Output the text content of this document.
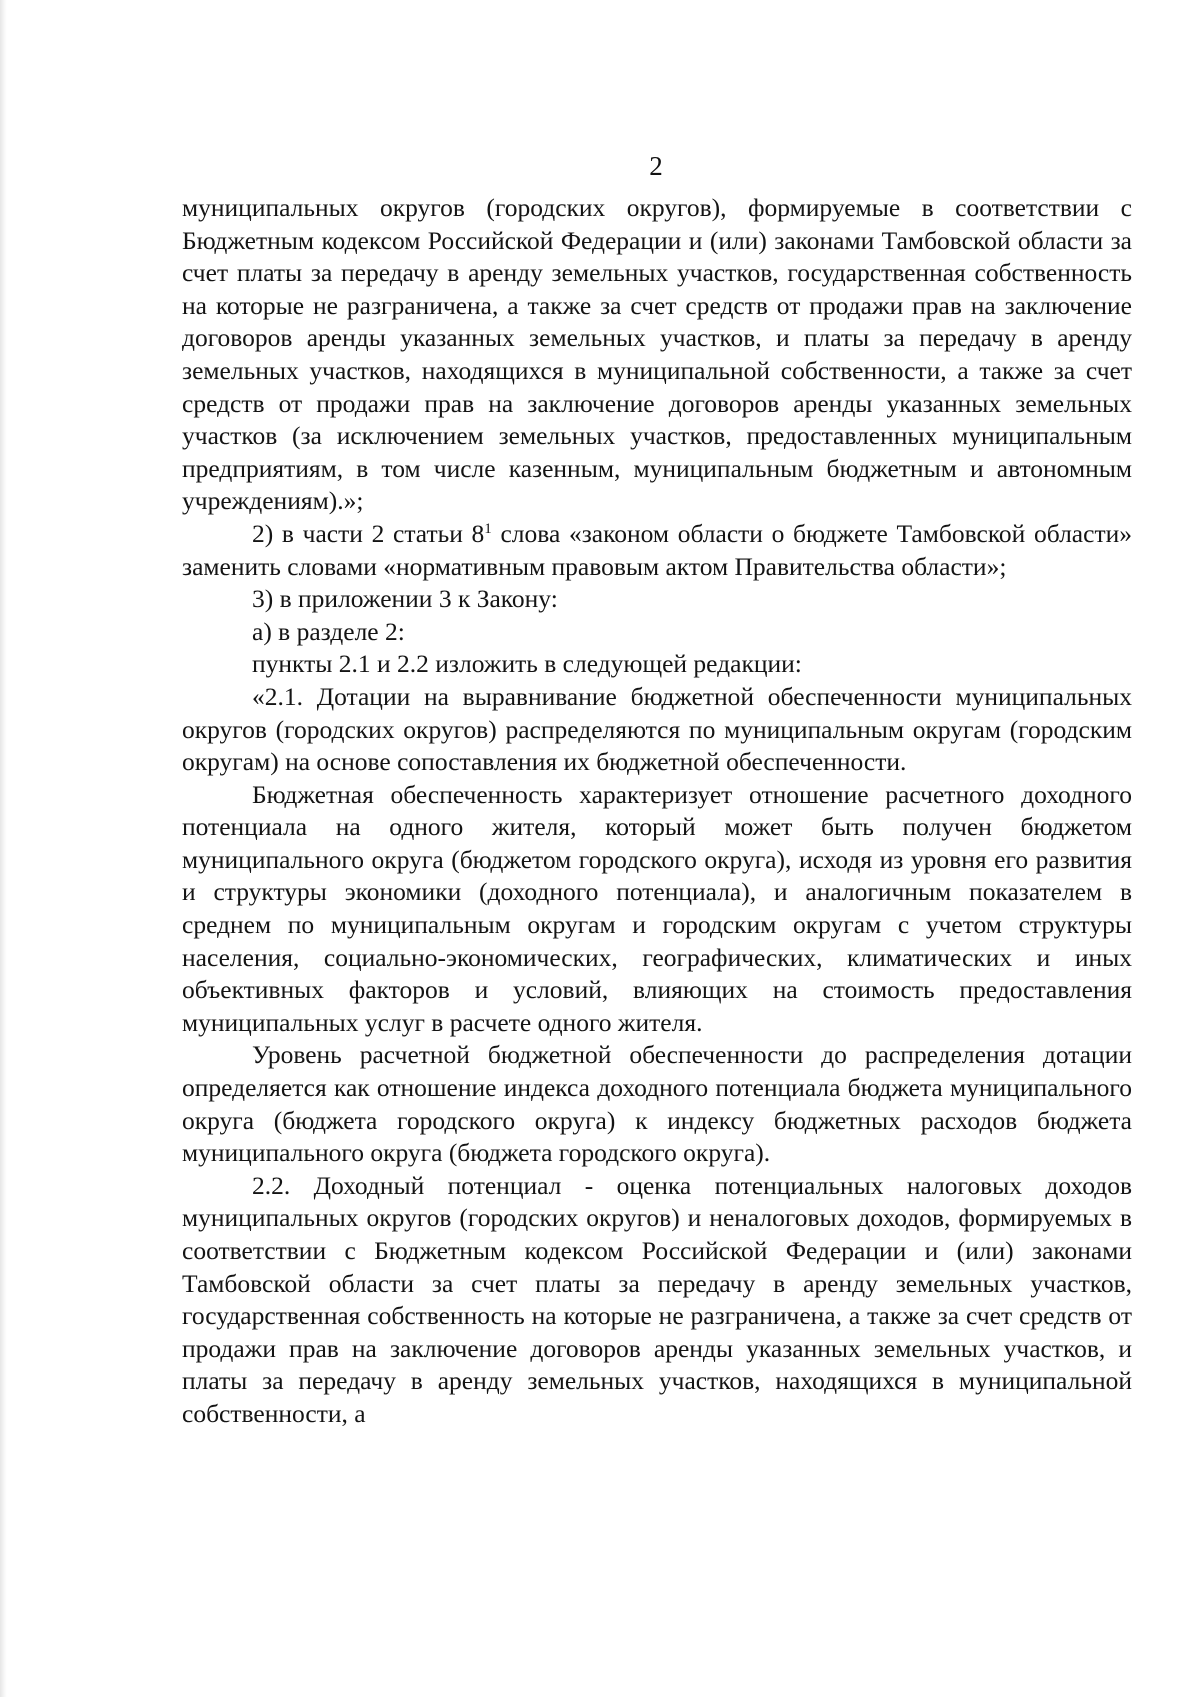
2

муниципальных округов (городских округов), формируемые в соответствии с Бюджетным кодексом Российской Федерации и (или) законами Тамбовской области за счет платы за передачу в аренду земельных участков, государственная собственность на которые не разграничена, а также за счет средств от продажи прав на заключение договоров аренды указанных земельных участков, и платы за передачу в аренду земельных участков, находящихся в муниципальной собственности, а также за счет средств от продажи прав на заключение договоров аренды указанных земельных участков (за исключением земельных участков, предоставленных муниципальным предприятиям, в том числе казенным, муниципальным бюджетным и автономным учреждениям).»;

2) в части 2 статьи $8^1$ слова «законом области о бюджете Тамбовской области» заменить словами «нормативным правовым актом Правительства области»;

3) в приложении 3 к Закону:

а) в разделе 2:

пункты 2.1 и 2.2 изложить в следующей редакции:

«2.1. Дотации на выравнивание бюджетной обеспеченности муниципальных округов (городских округов) распределяются по муниципальным округам (городским округам) на основе сопоставления их бюджетной обеспеченности.

Бюджетная обеспеченность характеризует отношение расчетного доходного потенциала на одного жителя, который может быть получен бюджетом муниципального округа (бюджетом городского округа), исходя из уровня его развития и структуры экономики (доходного потенциала), и аналогичным показателем в среднем по муниципальным округам и городским округам с учетом структуры населения, социально-экономических, географических, климатических и иных объективных факторов и условий, влияющих на стоимость предоставления муниципальных услуг в расчете одного жителя.

Уровень расчетной бюджетной обеспеченности до распределения дотации определяется как отношение индекса доходного потенциала бюджета муниципального округа (бюджета городского округа) к индексу бюджетных расходов бюджета муниципального округа (бюджета городского округа).

2.2. Доходный потенциал - оценка потенциальных налоговых доходов муниципальных округов (городских округов) и неналоговых доходов, формируемых в соответствии с Бюджетным кодексом Российской Федерации и (или) законами Тамбовской области за счет платы за передачу в аренду земельных участков, государственная собственность на которые не разграничена, а также за счет средств от продажи прав на заключение договоров аренды указанных земельных участков, и платы за передачу в аренду земельных участков, находящихся в муниципальной собственности, а
